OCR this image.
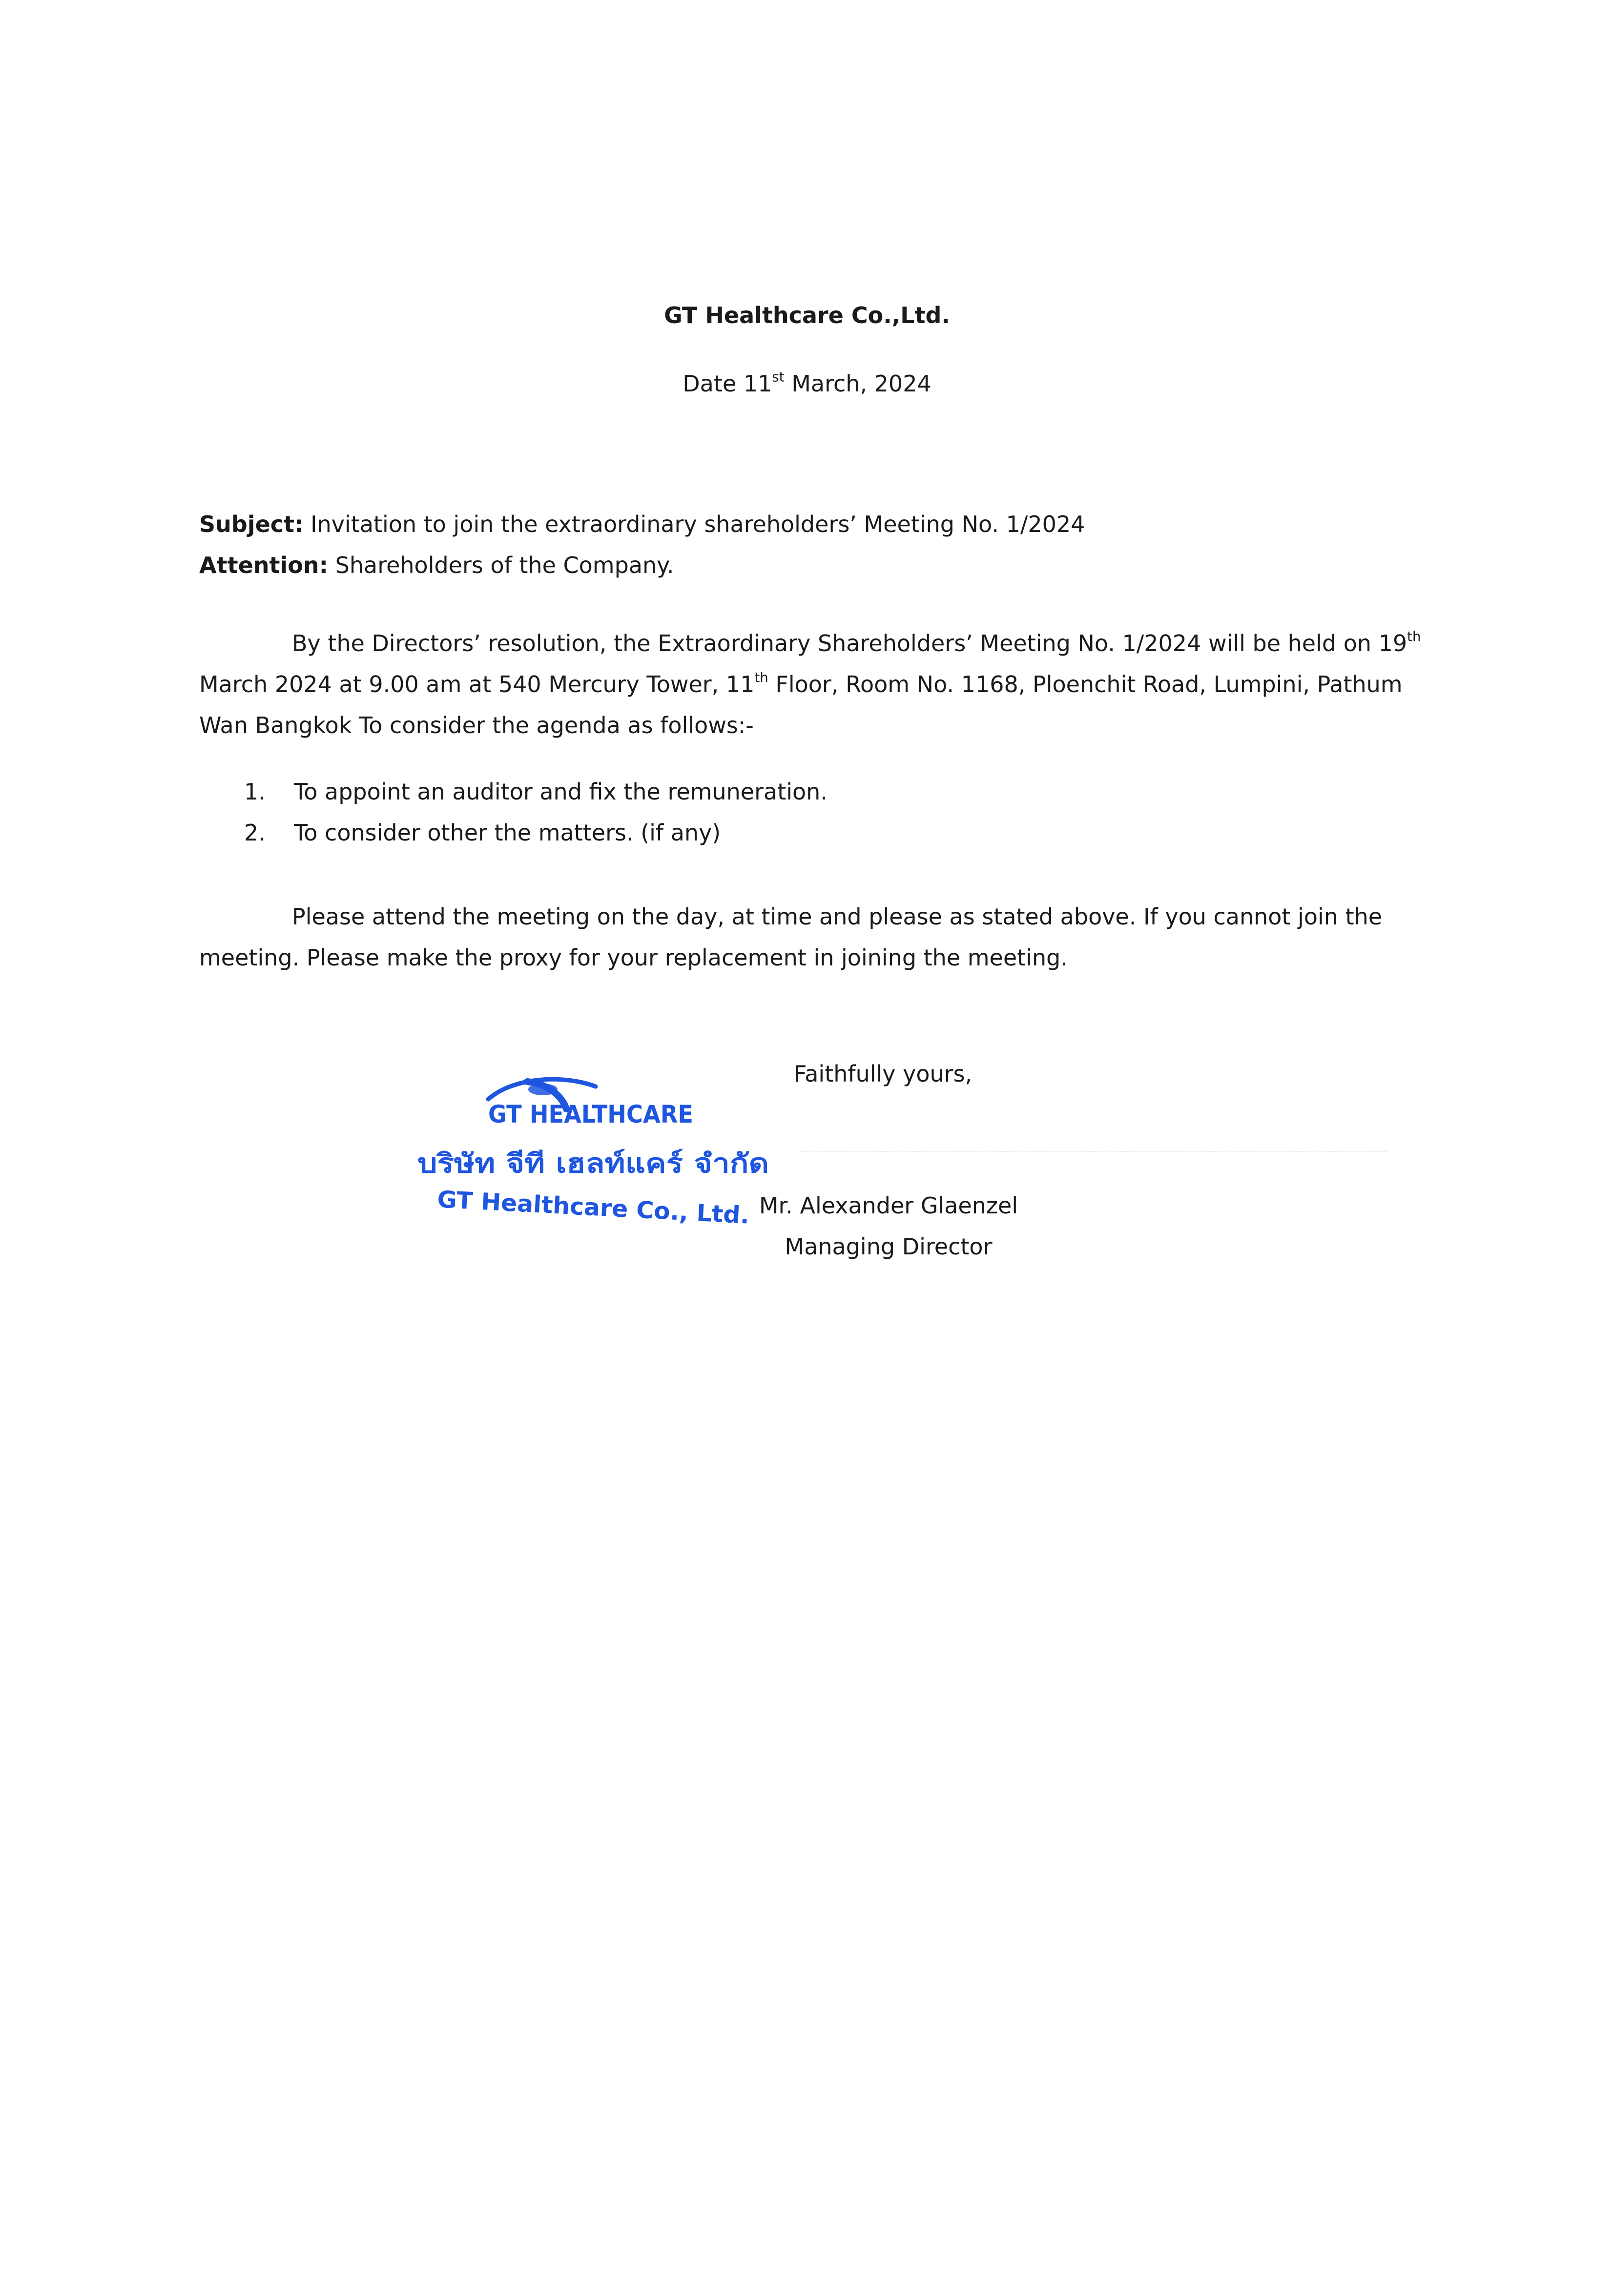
GT Healthcare Co.,Ltd.
Date 11st March, 2024
Subject: Invitation to join the extraordinary shareholders’ Meeting No. 1/2024
Attention: Shareholders of the Company.
By the Directors’ resolution, the Extraordinary Shareholders’ Meeting No. 1/2024 will be held on 19th March 2024 at 9.00 am at 540 Mercury Tower, 11th Floor, Room No. 1168, Ploenchit Road, Lumpini, Pathum Wan Bangkok To consider the agenda as follows:-
1.	To appoint an auditor and fix the remuneration.
2.	To consider other the matters. (if any)
Please attend the meeting on the day, at time and please as stated above. If you cannot join the meeting. Please make the proxy for your replacement in joining the meeting.
Faithfully yours,
GT HEALTHCARE
บริษัท จีที เฮลท์แคร์ จำกัด
GT Healthcare Co., Ltd. Mr. Alexander Glaenzel
Managing Director
